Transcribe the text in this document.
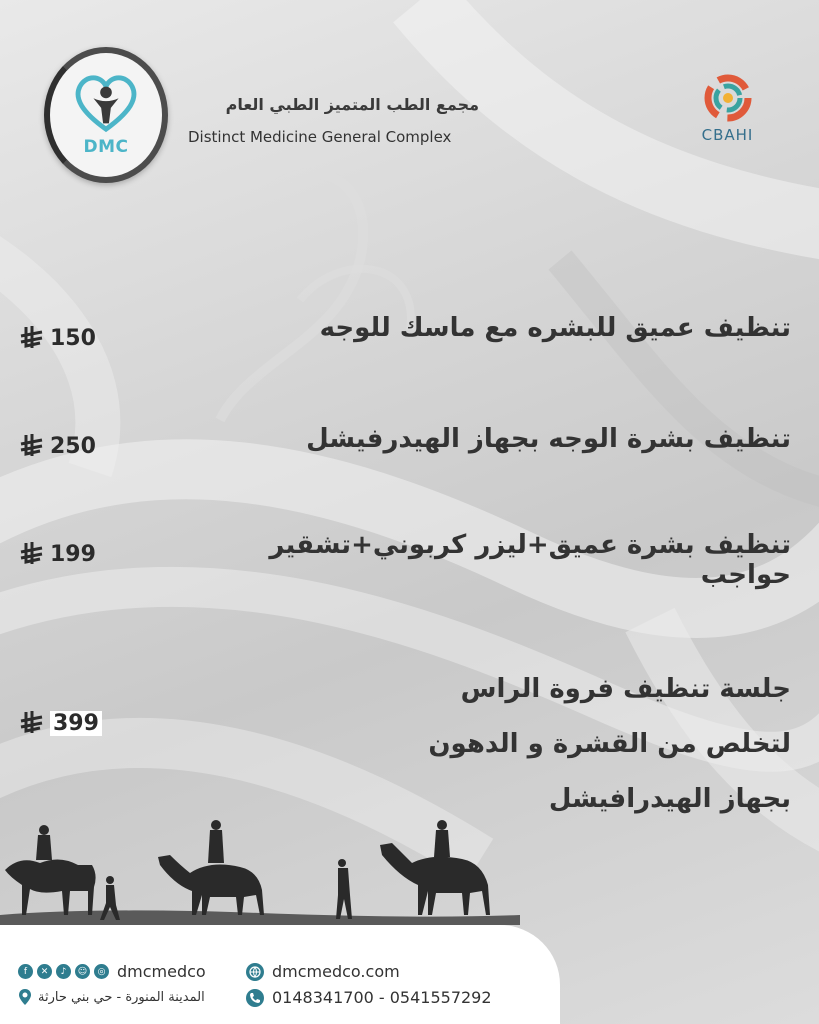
DMC
مجمع الطب المتميز الطبي العام
Distinct Medicine General Complex	CBAHI
تنظيف عميق للبشره مع ماسك للوجه
150
تنظيف بشرة الوجه بجهاز الهيدرفيشل
250
تنظيف بشرة عميق+ليزر كربوني+تشقير حواجب
199
جلسة تنظيف فروة الراس
لتخلص من القشرة و الدهون
بجهاز الهيدرافيشل
399
f	✕	♪	☺	◎ dmcmedco
المدينة المنورة - حي بني حارثة
dmcmedco.com
0148341700 - 0541557292
